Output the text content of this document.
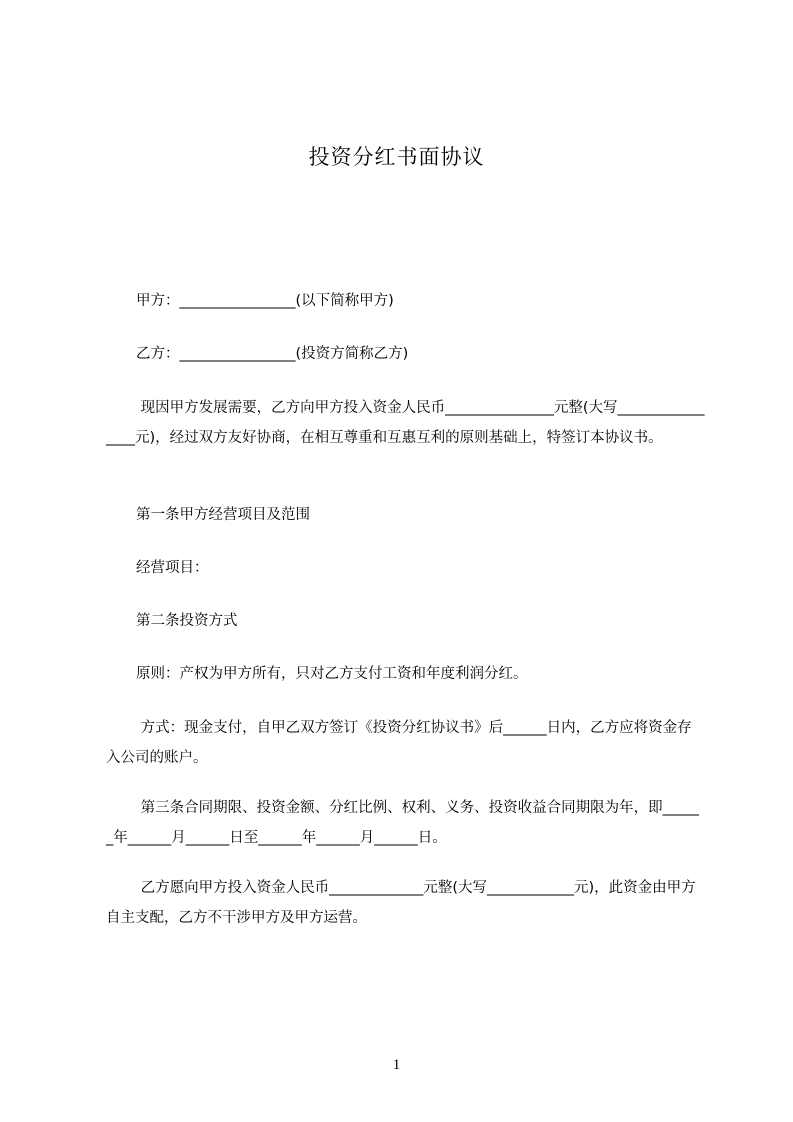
投资分红书面协议
甲方：________________(以下简称甲方)
乙方：________________(投资方简称乙方)
现因甲方发展需要，乙方向甲方投入资金人民币_______________元整(大写________________元)，经过双方友好协商，在相互尊重和互惠互利的原则基础上，特签订本协议书。
第一条甲方经营项目及范围
经营项目：
第二条投资方式
原则：产权为甲方所有，只对乙方支付工资和年度利润分红。
方式：现金支付，自甲乙双方签订《投资分红协议书》后______日内，乙方应将资金存入公司的账户。
第三条合同期限、投资金额、分红比例、权利、义务、投资收益合同期限为年，即______年______月______日至______年______月______日。
乙方愿向甲方投入资金人民币_____________元整(大写____________元)，此资金由甲方自主支配，乙方不干涉甲方及甲方运营。
1
